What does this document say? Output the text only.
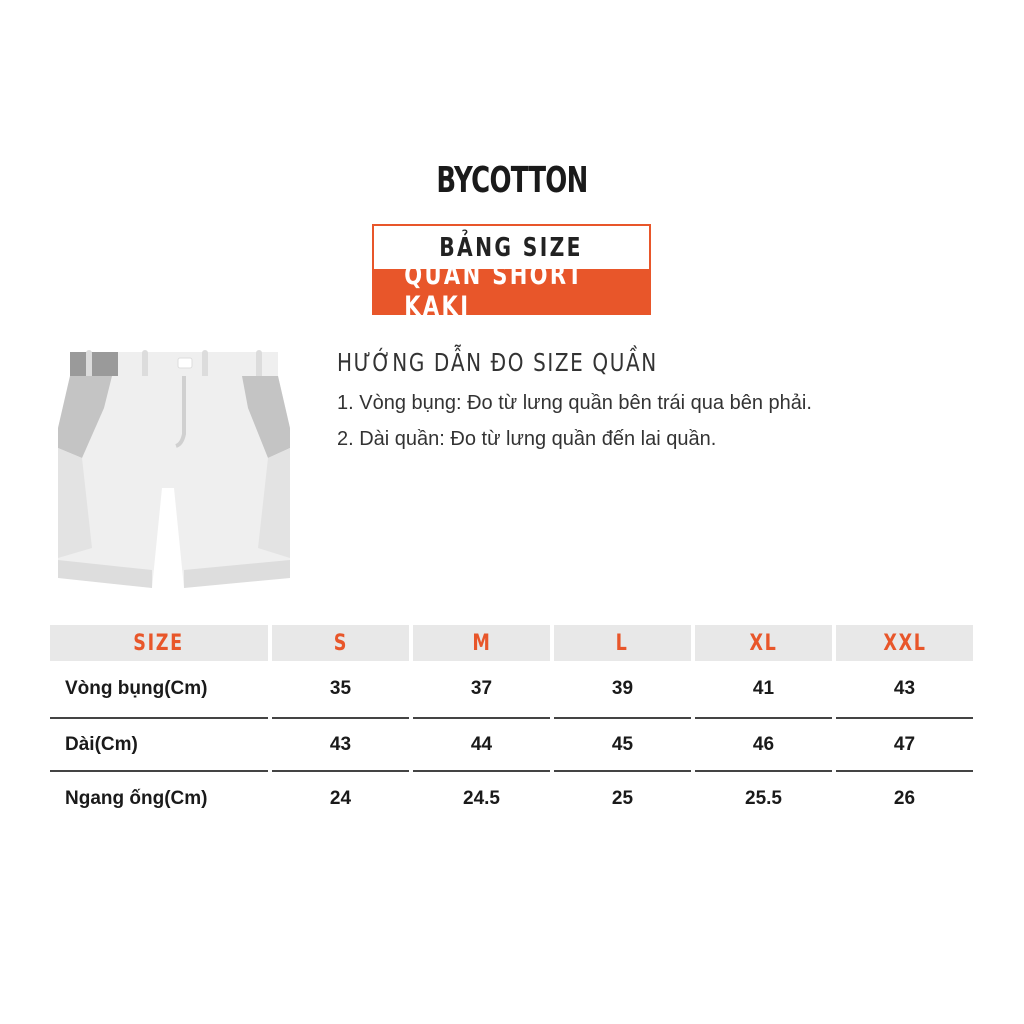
BYCOTTON
BẢNG SIZE
QUẦN SHORT KAKI
HƯỚNG DẪN ĐO SIZE QUẦN
1. Vòng bụng: Đo từ lưng quần bên trái qua bên phải.
2. Dài quần: Đo từ lưng quần đến lai quần.
SIZE	S	M	L	XL	XXL
Vòng bụng(Cm)	35	37	39	41	43
Dài(Cm)	43	44	45	46	47
Ngang ống(Cm)	24	24.5	25	25.5	26
